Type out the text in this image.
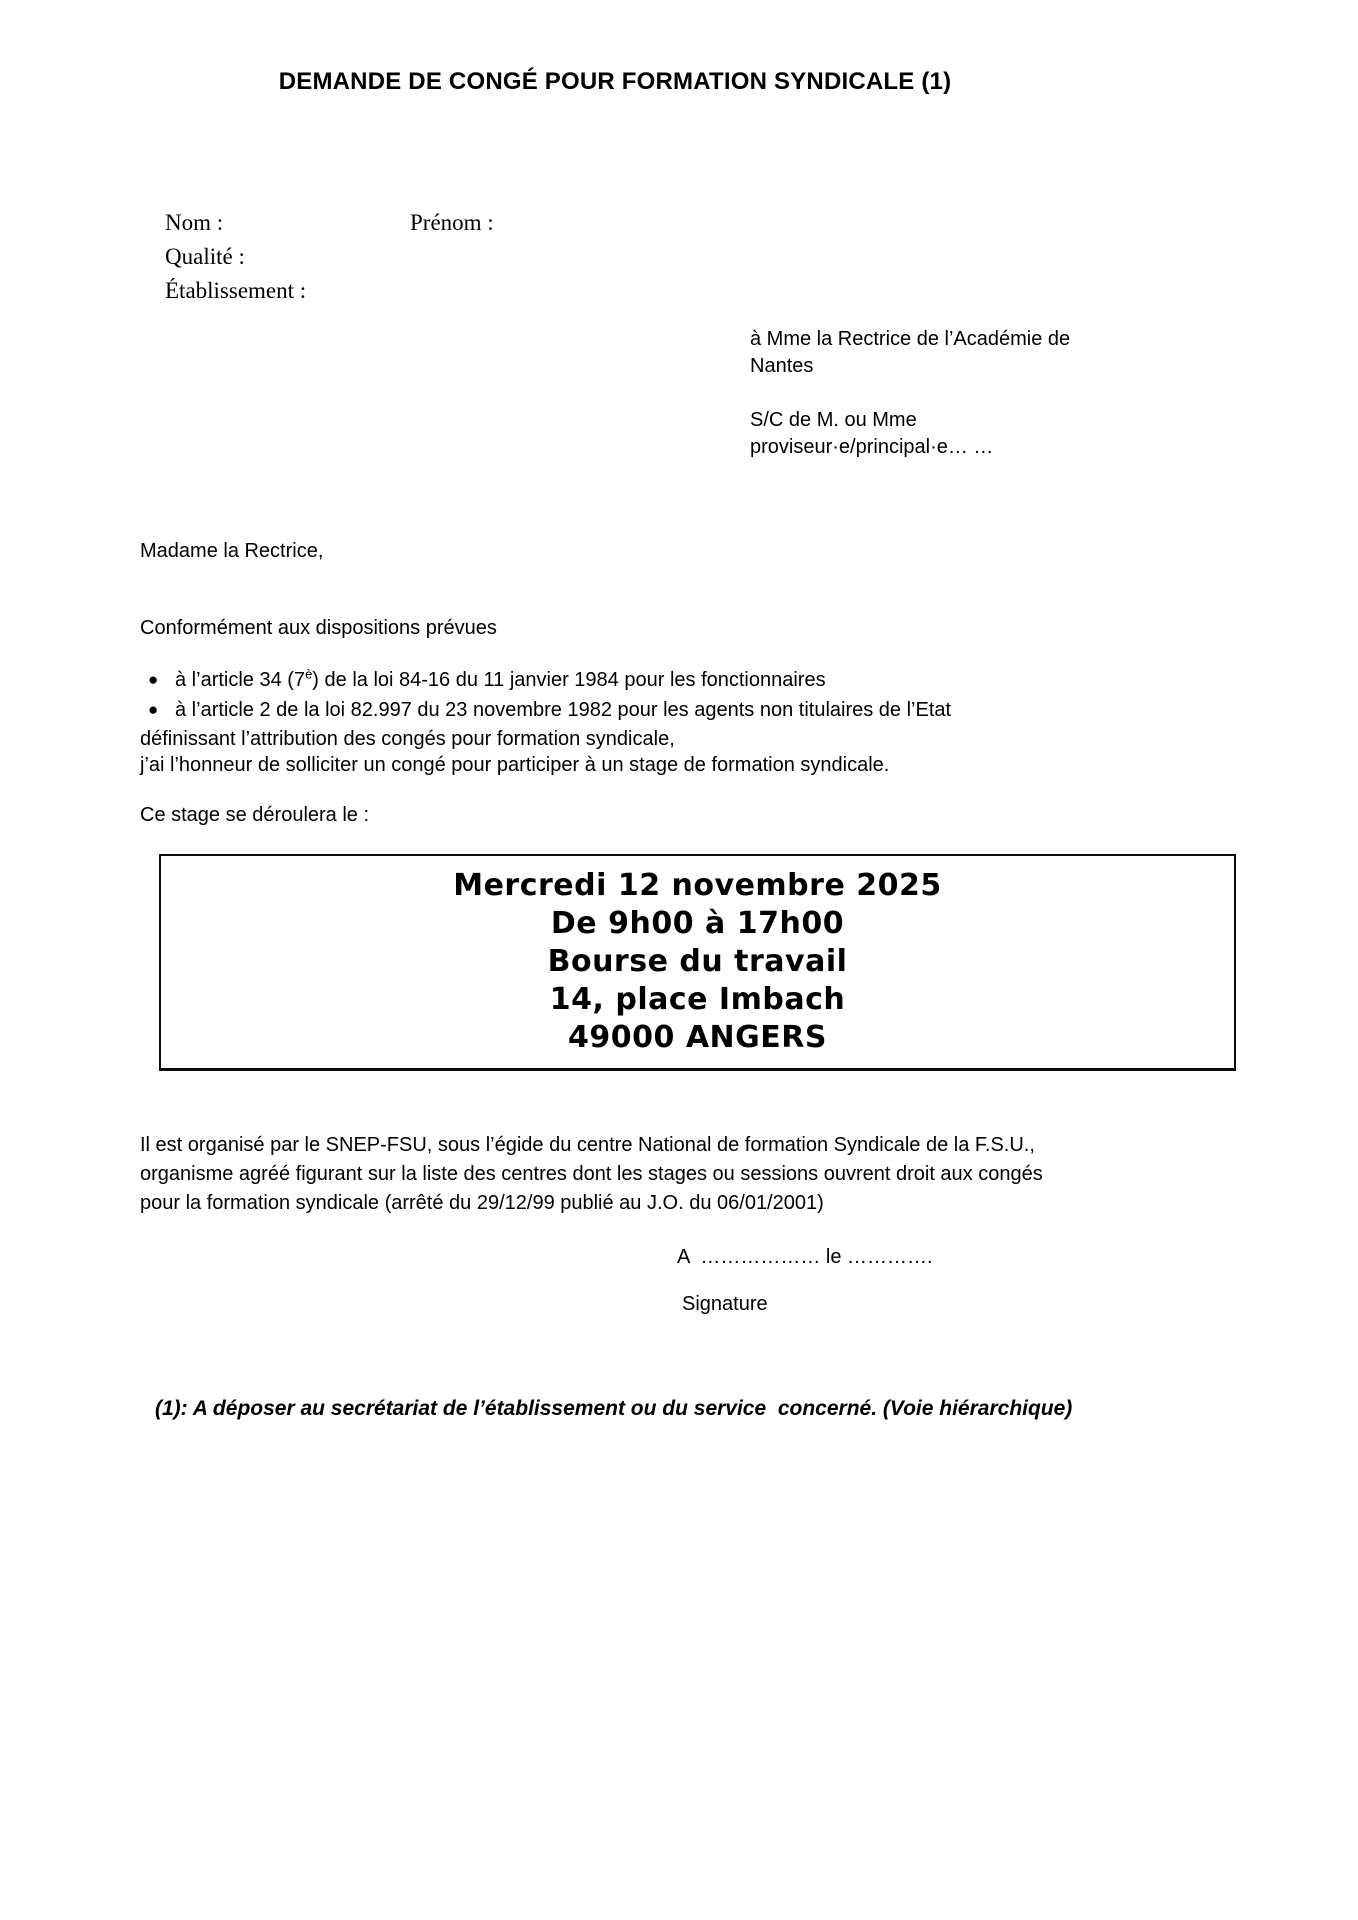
DEMANDE DE CONGÉ POUR FORMATION SYNDICALE (1)
Nom :	Prénom :
Qualité :
Établissement :
à Mme la Rectrice de l’Académie de
Nantes
S/C de M. ou Mme
proviseur·e/principal·e… …
Madame la Rectrice,
Conformément aux dispositions prévues
● à l’article 34 $(7^è)$ de la loi 84-16 du 11 janvier 1984 pour les fonctionnaires
● à l’article 2 de la loi 82.997 du 23 novembre 1982 pour les agents non titulaires de l’Etat
définissant l’attribution des congés pour formation syndicale,
j’ai l’honneur de solliciter un congé pour participer à un stage de formation syndicale.
Ce stage se déroulera le :
Mercredi 12 novembre 2025
De 9h00 à 17h00
Bourse du travail
14, place Imbach
49000 ANGERS
Il est organisé par le SNEP-FSU, sous l’égide du centre National de formation Syndicale de la F.S.U.,
organisme agréé figurant sur la liste des centres dont les stages ou sessions ouvrent droit aux congés
pour la formation syndicale (arrêté du 29/12/99 publié au J.O. du 06/01/2001)
A  ……………… le ………….
Signature
(1): A déposer au secrétariat de l’établissement ou du service  concerné. (Voie hiérarchique)
